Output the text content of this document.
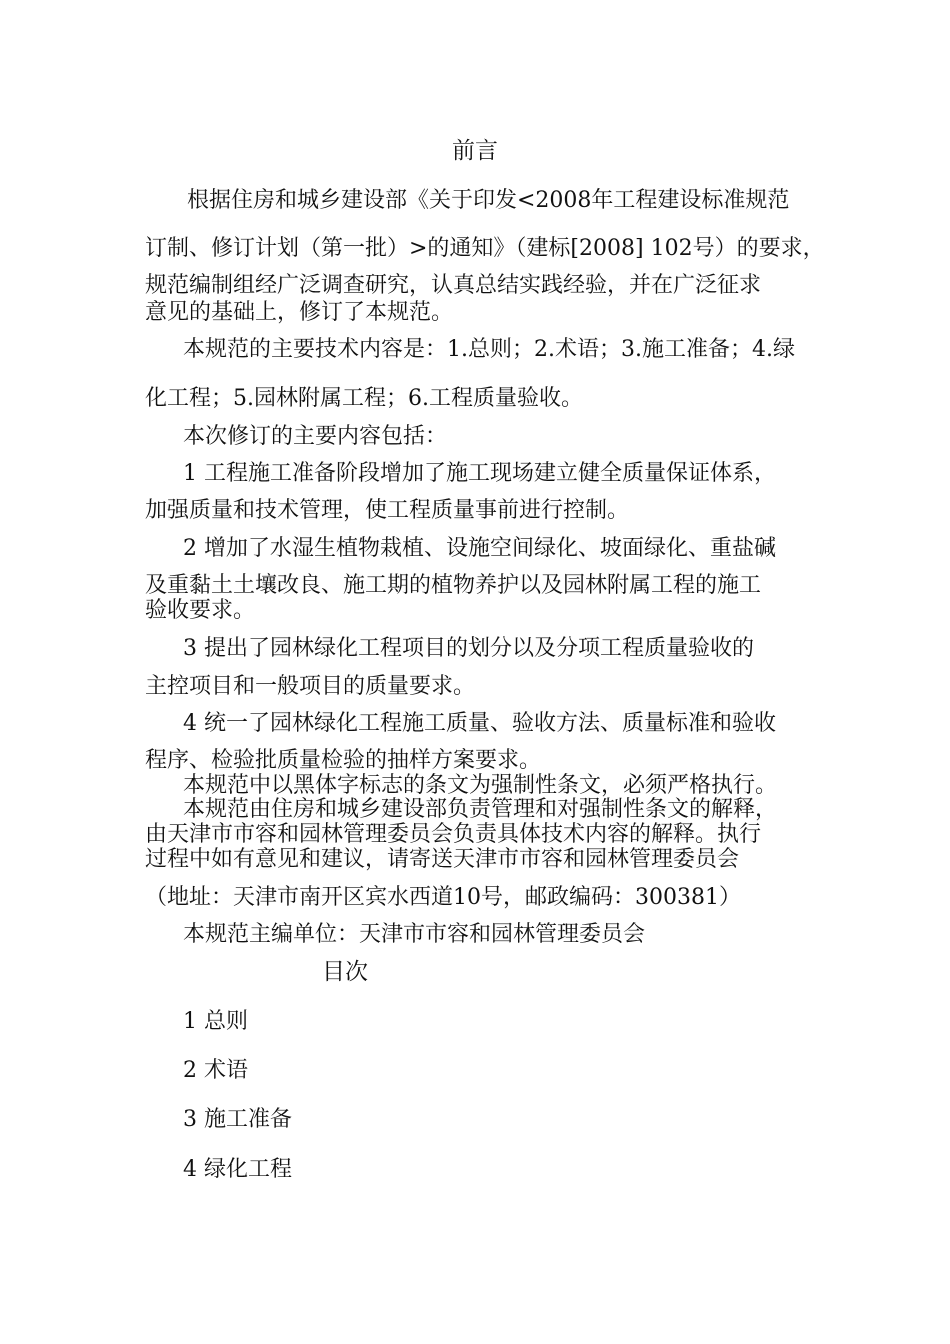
前言
　根据住房和城乡建设部《关于印发<2008年工程建设标准规范
订制、修订计划（第一批）>的通知》（建标[2008] 102号）的要求，
规范编制组经广泛调查研究，认真总结实践经验，并在广泛征求
意见的基础上，修订了本规范。
本规范的主要技术内容是：1.总则；2.术语；3.施工准备；4.绿
化工程；5.园林附属工程；6.工程质量验收。
本次修订的主要内容包括：
1 工程施工准备阶段增加了施工现场建立健全质量保证体系，
加强质量和技术管理，使工程质量事前进行控制。
2 增加了水湿生植物栽植、设施空间绿化、坡面绿化、重盐碱
及重黏土土壤改良、施工期的植物养护以及园林附属工程的施工
验收要求。
3 提出了园林绿化工程项目的划分以及分项工程质量验收的
主控项目和一般项目的质量要求。
4 统一了园林绿化工程施工质量、验收方法、质量标准和验收
程序、检验批质量检验的抽样方案要求。
本规范中以黑体字标志的条文为强制性条文，必须严格执行。
本规范由住房和城乡建设部负责管理和对强制性条文的解释，
由天津市市容和园林管理委员会负责具体技术内容的解释。执行
过程中如有意见和建议，请寄送天津市市容和园林管理委员会
（地址：天津市南开区宾水西道10号，邮政编码：300381）
本规范主编单位：天津市市容和园林管理委员会
目次
1 总则
2 术语
3 施工准备
4 绿化工程
